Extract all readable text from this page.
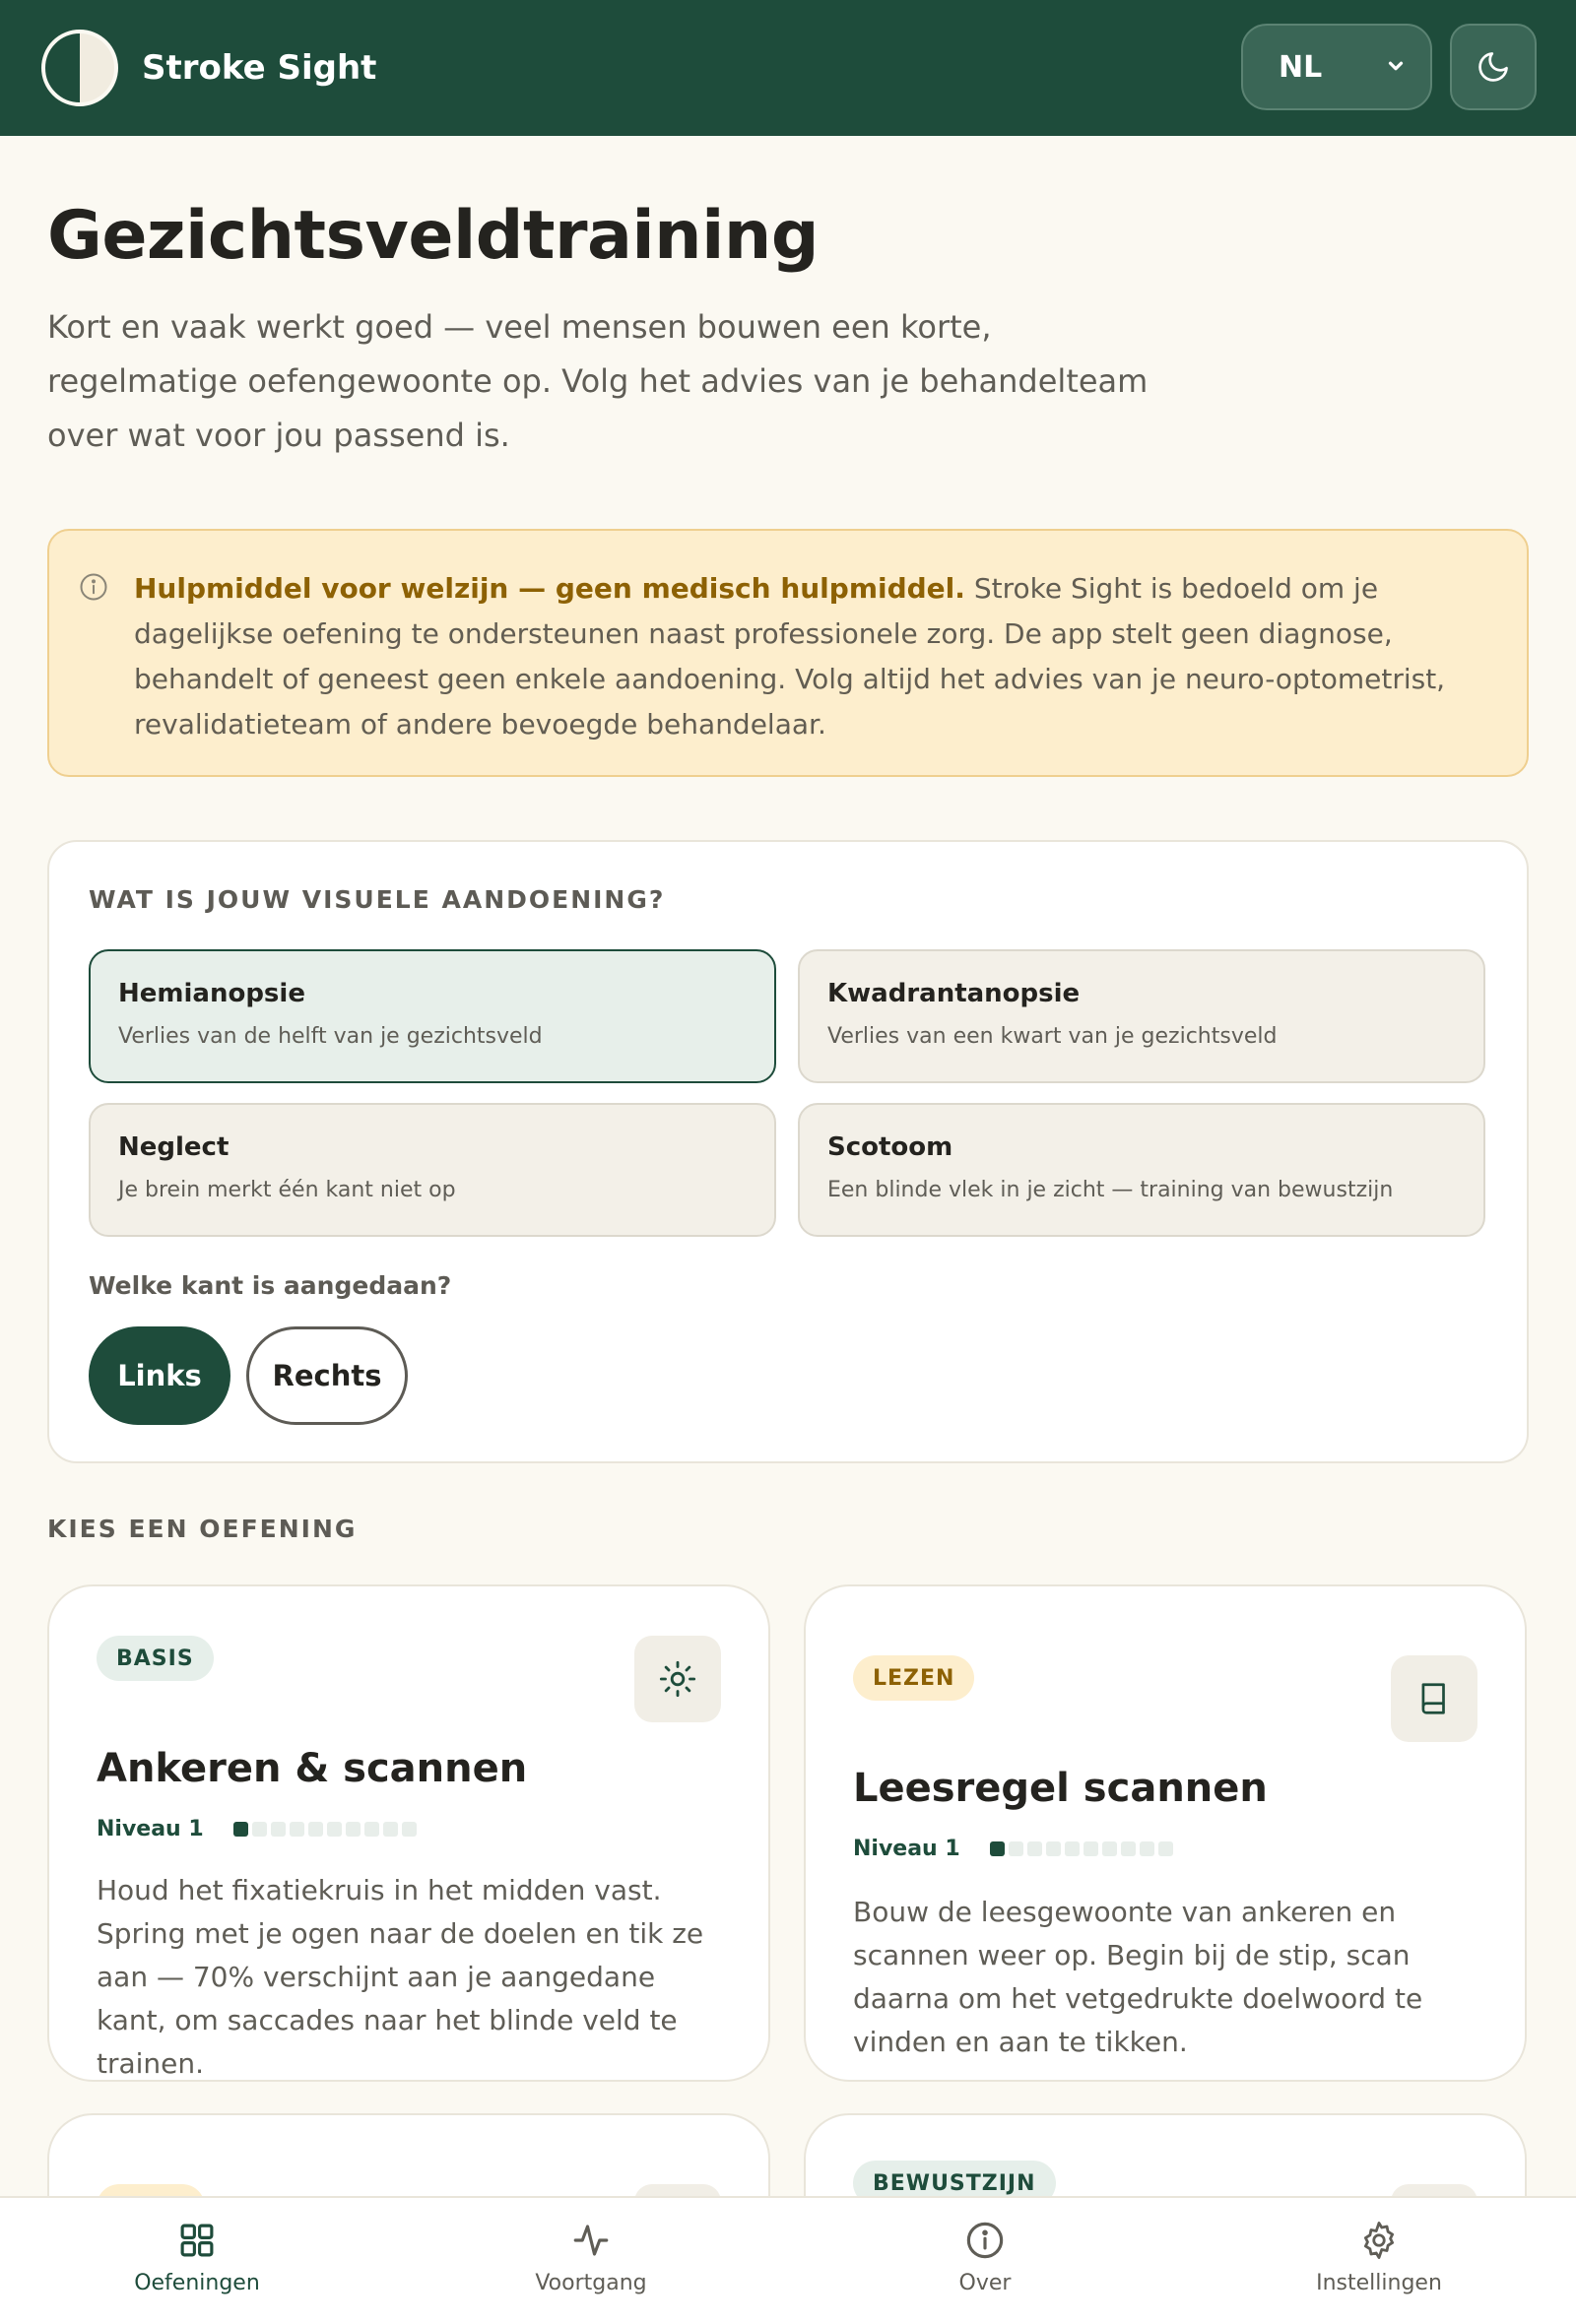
Stroke Sight	NL
Gezichtsveldtraining

Kort en vaak werkt goed — veel mensen bouwen een korte, regelmatige oefengewoonte op. Volg het advies van je behandelteam over wat voor jou passend is.

Hulpmiddel voor welzijn — geen medisch hulpmiddel. Stroke Sight is bedoeld om je dagelijkse oefening te ondersteunen naast professionele zorg. De app stelt geen diagnose, behandelt of geneest geen enkele aandoening. Volg altijd het advies van je neuro-optometrist, revalidatieteam of andere bevoegde behandelaar.

WAT IS JOUW VISUELE AANDOENING?
Hemianopsie
Verlies van de helft van je gezichtsveld
Kwadrantanopsie
Verlies van een kwart van je gezichtsveld
Neglect
Je brein merkt één kant niet op
Scotoom
Een blinde vlek in je zicht — training van bewustzijn
Welke kant is aangedaan?
Links	Rechts
KIES EEN OEFENING
BASIS
Ankeren & scannen
Niveau 1

Houd het fixatiekruis in het midden vast. Spring met je ogen naar de doelen en tik ze aan — 70% verschijnt aan je aangedane kant, om saccades naar het blinde veld te trainen.

LEZEN
Leesregel scannen
Niveau 1

Bouw de leesgewoonte van ankeren en scannen weer op. Begin bij de stip, scan daarna om het vetgedrukte doelwoord te vinden en aan te tikken.

BEWUSTZIJN
Oefeningen	Voortgang	Over	Instellingen
